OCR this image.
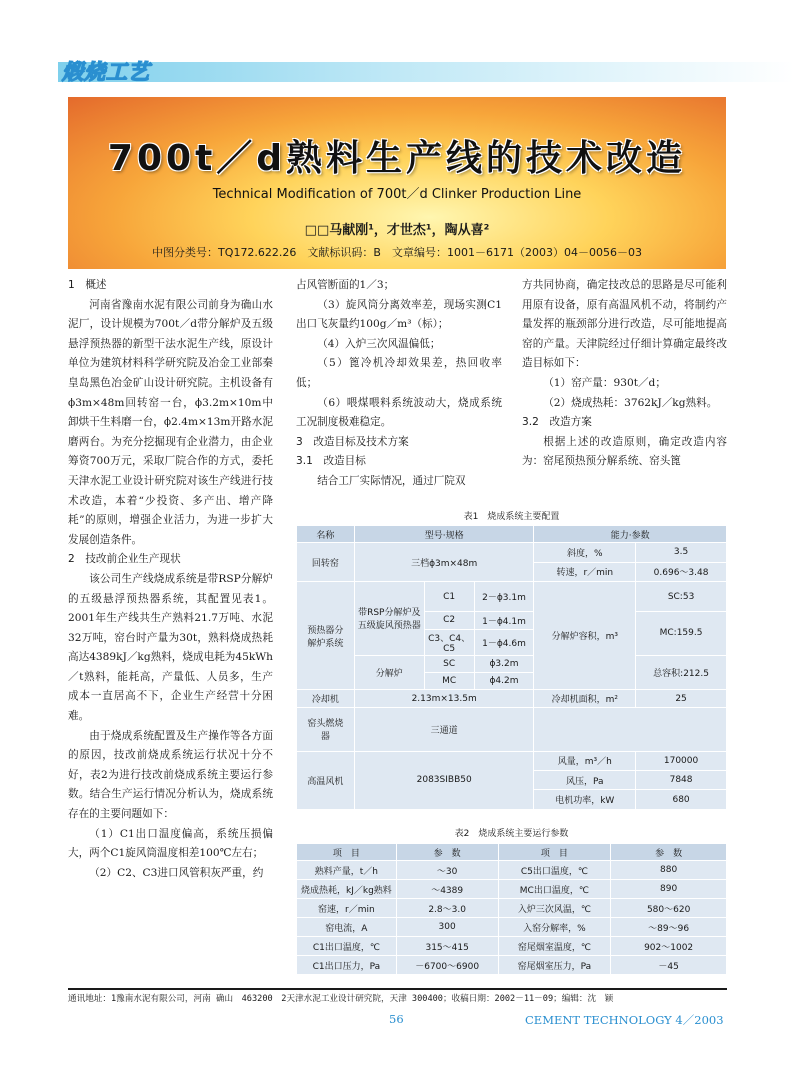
煅烧工艺
700t／d熟料生产线的技术改造
Technical Modification of 700t／d Clinker Production Line
□□马献刚¹，才世杰¹，陶从喜²
中图分类号：TQ172.622.26　文献标识码：B　文章编号：1001－6171（2003）04－0056－03

1　概述

河南省豫南水泥有限公司前身为确山水泥厂，设计规模为700t／d带分解炉及五级悬浮预热器的新型干法水泥生产线，原设计单位为建筑材料科学研究院及冶金工业部秦皇岛黑色冶金矿山设计研究院。主机设备有ϕ3m×48m回转窑一台，ϕ3.2m×10m中卸烘干生料磨一台，ϕ2.4m×13m开路水泥磨两台。为充分挖掘现有企业潜力，由企业筹资700万元，采取厂院合作的方式，委托天津水泥工业设计研究院对该生产线进行技术改造，本着“少投资、多产出、增产降耗”的原则，增强企业活力，为进一步扩大发展创造条件。

2　技改前企业生产现状

该公司生产线烧成系统是带RSP分解炉的五级悬浮预热器系统，其配置见表1。2001年生产线共生产熟料21.7万吨、水泥32万吨，窑台时产量为30t，熟料烧成热耗高达4389kJ／kg熟料，烧成电耗为45kWh／t熟料，能耗高，产量低、人员多，生产成本一直居高不下，企业生产经营十分困难。

由于烧成系统配置及生产操作等各方面的原因，技改前烧成系统运行状况十分不好，表2为进行技改前烧成系统主要运行参数。结合生产运行情况分析认为，烧成系统存在的主要问题如下：

（1）C1出口温度偏高，系统压损偏大，两个C1旋风筒温度相差100℃左右；

（2）C2、C3进口风管积灰严重，约

占风管断面的1／3；

（3）旋风筒分离效率差，现场实测C1出口飞灰量约100g／m³（标）；

（4）入炉三次风温偏低；

（5）篦冷机冷却效果差，热回收率低；

（6）喂煤喂料系统波动大，烧成系统工况制度极难稳定。

3　改造目标及技术方案

3.1　改造目标

结合工厂实际情况，通过厂院双

方共同协商，确定技改总的思路是尽可能利用原有设备，原有高温风机不动，将制约产量发挥的瓶颈部分进行改造，尽可能地提高窑的产量。天津院经过仔细计算确定最终改造目标如下：

（1）窑产量：930t／d；

（2）烧成热耗：3762kJ／kg熟料。

3.2　改造方案

根据上述的改造原则，确定改造内容为：窑尾预热预分解系统、窑头篦

表1　烧成系统主要配置
名称	型号·规格			能力·参数	
回转窑	三档ϕ3m×48m			斜度，%	3.5
				转速，r／min	0.696～3.48
预热器分解炉系统	带RSP分解炉及五级旋风预热器	C1	2－ϕ3.1m	分解炉容积，m³	SC:53
		C2	1－ϕ4.1m		MC:159.5
		C3、C4、C5	1－ϕ4.6m		
	分解炉	SC	ϕ3.2m		总容积:212.5
		MC	ϕ4.2m		
冷却机	2.13m×13.5m			冷却机面积，m²	25
窑头燃烧器	三通道				
高温风机	2083SIBB50			风量，m³／h	170000
				风压，Pa	7848
				电机功率，kW	680
表2　烧成系统主要运行参数
项　目	参　数	项　目	参　数
熟料产量，t／h	～30	C5出口温度，℃	880
烧成热耗，kJ／kg熟料	～4389	MC出口温度，℃	890
窑速，r／min	2.8～3.0	入炉三次风温，℃	580～620
窑电流，A	300	入窑分解率，%	～89～96
C1出口温度，℃	315～415	窑尾烟室温度，℃	902～1002
C1出口压力，Pa	－6700～6900	窑尾烟室压力，Pa	－45
通讯地址：1豫南水泥有限公司，河南 确山　463200　2天津水泥工业设计研究院，天津 300400；收稿日期：2002－11－09；编辑：沈　颖
56	CEMENT TECHNOLOGY 4／2003
